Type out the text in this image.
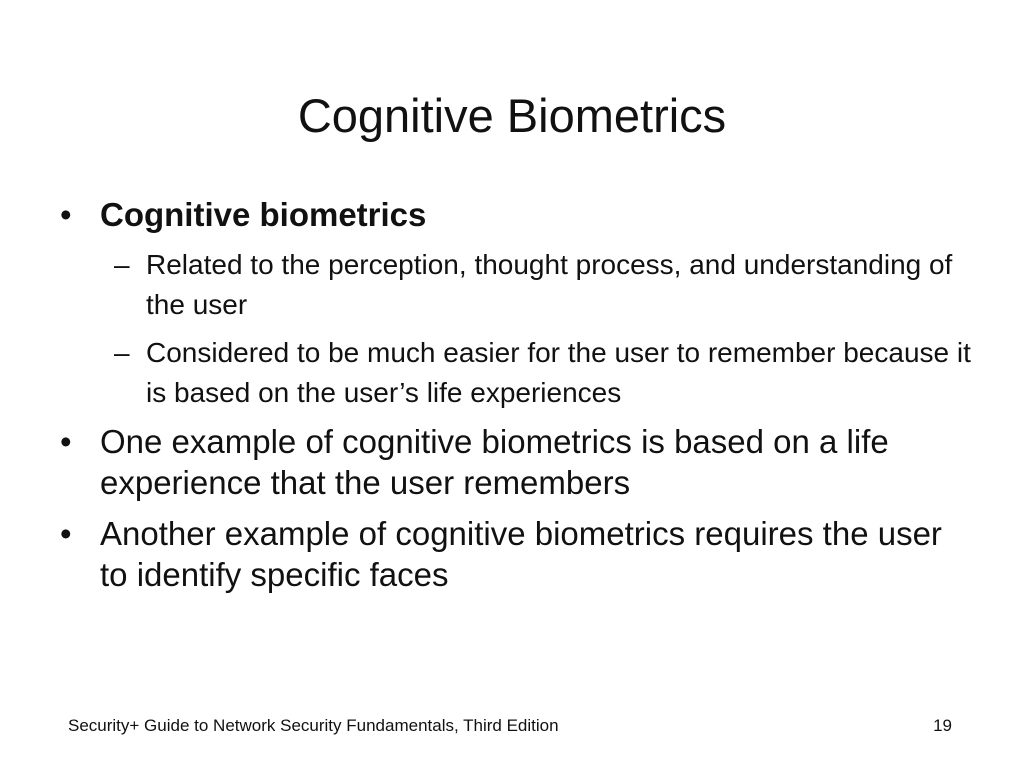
Cognitive Biometrics
• Cognitive biometrics
– Related to the perception, thought process, and understanding of the user
– Considered to be much easier for the user to remember because it is based on the user’s life experiences
• One example of cognitive biometrics is based on a life experience that the user remembers
• Another example of cognitive biometrics requires the user to identify specific faces
Security+ Guide to Network Security Fundamentals, Third Edition	19
